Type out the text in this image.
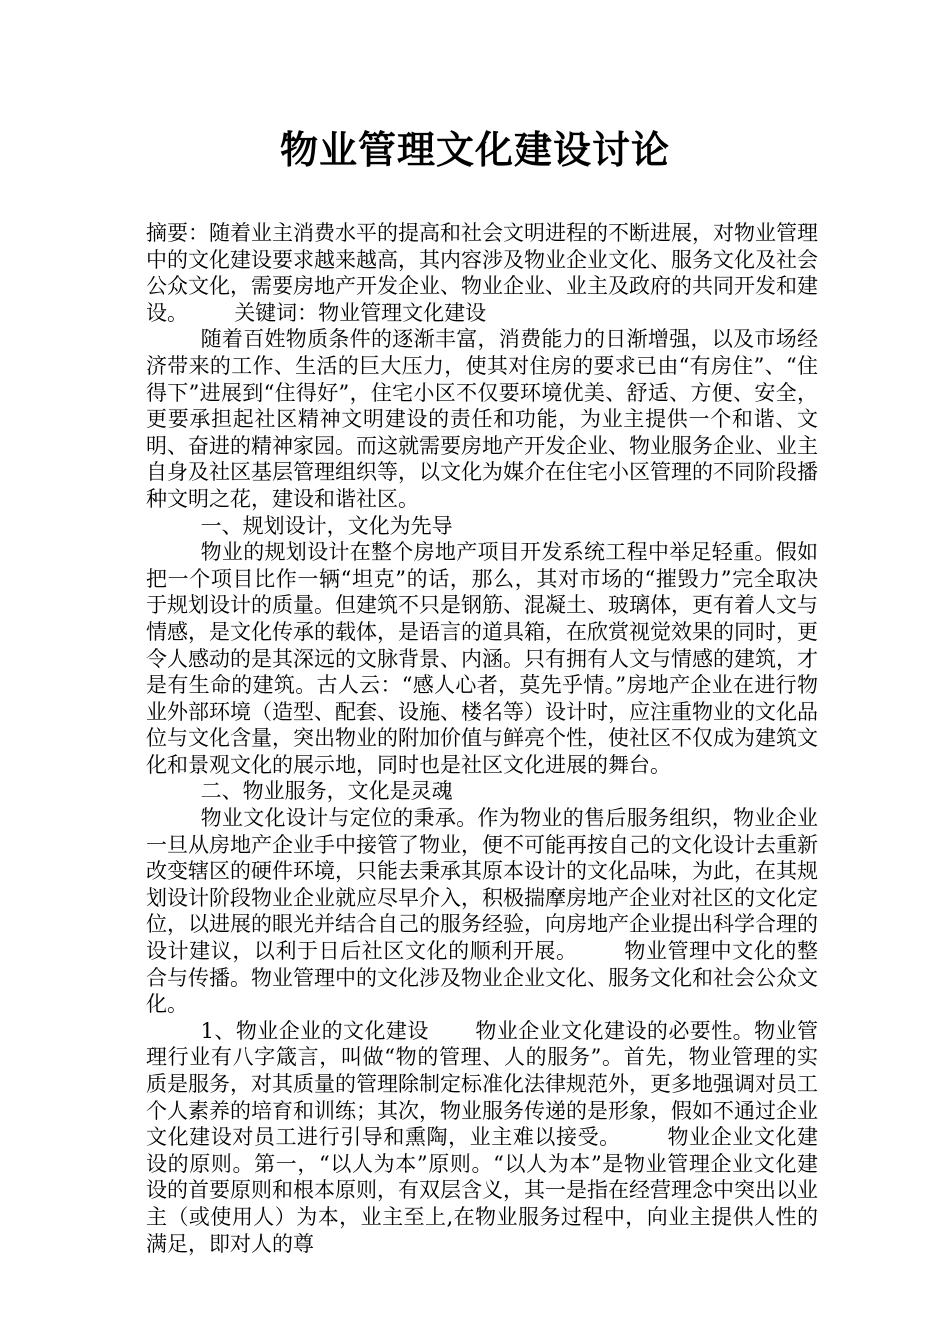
物业管理文化建设讨论

摘要：随着业主消费水平的提高和社会文明进程的不断进展，对物业管理中的文化建设要求越来越高，其内容涉及物业企业文化、服务文化及社会公众文化，需要房地产开发企业、物业企业、业主及政府的共同开发和建设。 关键词：物业管理文化建设

随着百姓物质条件的逐渐丰富，消费能力的日渐增强，以及市场经济带来的工作、生活的巨大压力，使其对住房的要求已由“有房住”、“住得下”进展到“住得好”，住宅小区不仅要环境优美、舒适、方便、安全，更要承担起社区精神文明建设的责任和功能，为业主提供一个和谐、文明、奋进的精神家园。而这就需要房地产开发企业、物业服务企业、业主自身及社区基层管理组织等，以文化为媒介在住宅小区管理的不同阶段播种文明之花，建设和谐社区。

一、规划设计，文化为先导

物业的规划设计在整个房地产项目开发系统工程中举足轻重。假如把一个项目比作一辆“坦克”的话，那么，其对市场的“摧毁力”完全取决于规划设计的质量。但建筑不只是钢筋、混凝土、玻璃体，更有着人文与情感，是文化传承的载体，是语言的道具箱，在欣赏视觉效果的同时，更令人感动的是其深远的文脉背景、内涵。只有拥有人文与情感的建筑，才是有生命的建筑。古人云：“感人心者，莫先乎情。”房地产企业在进行物业外部环境（造型、配套、设施、楼名等）设计时，应注重物业的文化品位与文化含量，突出物业的附加价值与鲜亮个性，使社区不仅成为建筑文化和景观文化的展示地，同时也是社区文化进展的舞台。

二、物业服务，文化是灵魂

物业文化设计与定位的秉承。作为物业的售后服务组织，物业企业一旦从房地产企业手中接管了物业，便不可能再按自己的文化设计去重新改变辖区的硬件环境，只能去秉承其原本设计的文化品味，为此，在其规划设计阶段物业企业就应尽早介入，积极揣摩房地产企业对社区的文化定位，以进展的眼光并结合自己的服务经验，向房地产企业提出科学合理的设计建议，以利于日后社区文化的顺利开展。 物业管理中文化的整合与传播。物业管理中的文化涉及物业企业文化、服务文化和社会公众文化。

1、物业企业的文化建设 物业企业文化建设的必要性。物业管理行业有八字箴言，叫做“物的管理、人的服务”。首先，物业管理的实质是服务，对其质量的管理除制定标准化法律规范外，更多地强调对员工个人素养的培育和训练；其次，物业服务传递的是形象，假如不通过企业文化建设对员工进行引导和熏陶，业主难以接受。 物业企业文化建设的原则。第一，“以人为本”原则。“以人为本”是物业管理企业文化建设的首要原则和根本原则，有双层含义，其一是指在经营理念中突出以业主（或使用人）为本，业主至上,在物业服务过程中，向业主提供人性的满足，即对人的尊
